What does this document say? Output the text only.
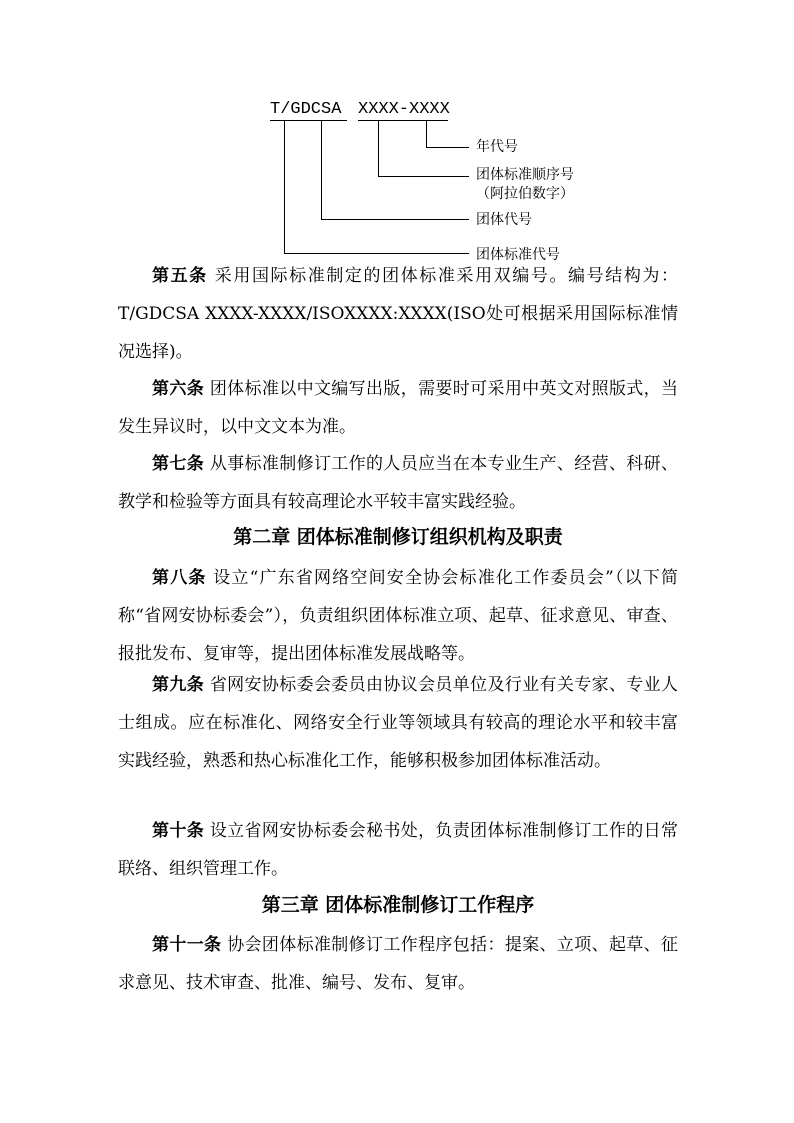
T/GDCSA XXXX-XXXX
年代号
团体标准顺序号
（阿拉伯数字）
团体代号
团体标准代号

第五条 采用国际标准制定的团体标准采用双编号。编号结构为：T/GDCSA XXXX-XXXX/ISOXXXX:XXXX(ISO处可根据采用国际标准情况选择)。

第六条 团体标准以中文编写出版，需要时可采用中英文对照版式，当发生异议时，以中文文本为准。

第七条 从事标准制修订工作的人员应当在本专业生产、经营、科研、教学和检验等方面具有较高理论水平较丰富实践经验。

第二章 团体标准制修订组织机构及职责

第八条 设立“广东省网络空间安全协会标准化工作委员会”（以下简称“省网安协标委会”），负责组织团体标准立项、起草、征求意见、审查、报批发布、复审等，提出团体标准发展战略等。

第九条 省网安协标委会委员由协议会员单位及行业有关专家、专业人士组成。应在标准化、网络安全行业等领域具有较高的理论水平和较丰富实践经验，熟悉和热心标准化工作，能够积极参加团体标准活动。

第十条 设立省网安协标委会秘书处，负责团体标准制修订工作的日常联络、组织管理工作。

第三章 团体标准制修订工作程序

第十一条 协会团体标准制修订工作程序包括：提案、立项、起草、征求意见、技术审查、批准、编号、发布、复审。
